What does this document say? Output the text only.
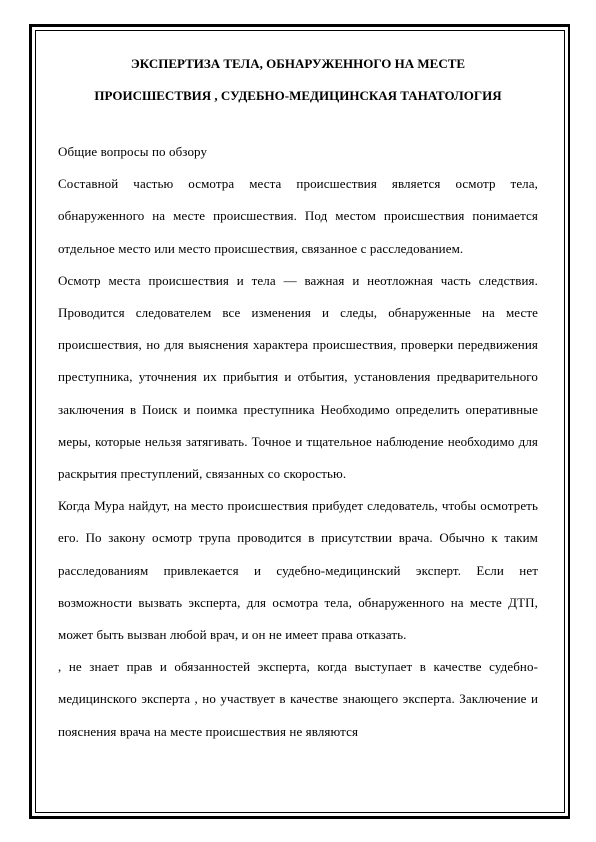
ЭКСПЕРТИЗА ТЕЛА, ОБНАРУЖЕННОГО НА МЕСТЕ
ПРОИСШЕСТВИЯ , СУДЕБНО-МЕДИЦИНСКАЯ ТАНАТОЛОГИЯ

Общие вопросы по обзору

Составной частью осмотра места происшествия является осмотр тела, обнаруженного на месте происшествия. Под местом происшествия понимается отдельное место или место происшествия, связанное с расследованием.

Осмотр места происшествия и тела — важная и неотложная часть следствия. Проводится следователем все изменения и следы, обнаруженные на месте происшествия, но для выяснения характера происшествия, проверки передвижения преступника, уточнения их прибытия и отбытия, установления предварительного заключения в Поиск и поимка преступника Необходимо определить оперативные меры, которые нельзя затягивать. Точное и тщательное наблюдение необходимо для раскрытия преступлений, связанных со скоростью.

Когда Мура найдут, на место происшествия прибудет следователь, чтобы осмотреть его. По закону осмотр трупа проводится в присутствии врача. Обычно к таким расследованиям привлекается и судебно-медицинский эксперт. Если нет возможности вызвать эксперта, для осмотра тела, обнаруженного на месте ДТП, может быть вызван любой врач, и он не имеет права отказать.

, не знает прав и обязанностей эксперта, когда выступает в качестве судебно-медицинского эксперта , но участвует в качестве знающего эксперта. Заключение и пояснения врача на месте происшествия не являются
